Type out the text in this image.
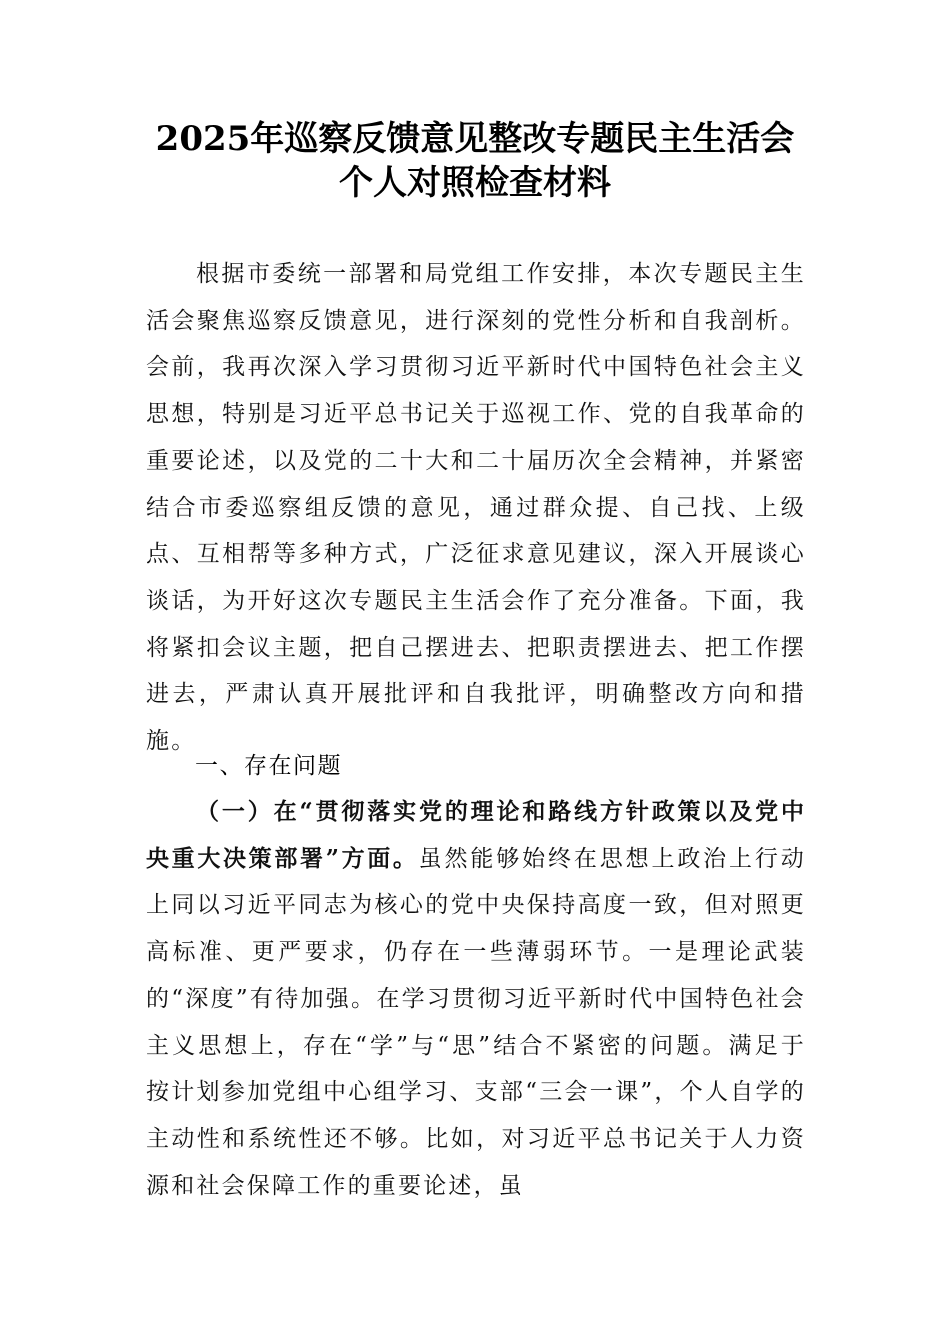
2025年巡察反馈意见整改专题民主生活会
个人对照检查材料
根据市委统一部署和局党组工作安排，本次专题民主生活会聚焦巡察反馈意见，进行深刻的党性分析和自我剖析。会前，我再次深入学习贯彻习近平新时代中国特色社会主义思想，特别是习近平总书记关于巡视工作、党的自我革命的重要论述，以及党的二十大和二十届历次全会精神，并紧密结合市委巡察组反馈的意见，通过群众提、自己找、上级点、互相帮等多种方式，广泛征求意见建议，深入开展谈心谈话，为开好这次专题民主生活会作了充分准备。下面，我将紧扣会议主题，把自己摆进去、把职责摆进去、把工作摆进去，严肃认真开展批评和自我批评，明确整改方向和措施。
一、存在问题
（一）在“贯彻落实党的理论和路线方针政策以及党中央重大决策部署”方面。虽然能够始终在思想上政治上行动上同以习近平同志为核心的党中央保持高度一致，但对照更高标准、更严要求，仍存在一些薄弱环节。一是理论武装的“深度”有待加强。在学习贯彻习近平新时代中国特色社会主义思想上，存在“学”与“思”结合不紧密的问题。满足于按计划参加党组中心组学习、支部“三会一课”，个人自学的主动性和系统性还不够。比如，对习近平总书记关于人力资源和社会保障工作的重要论述，虽
